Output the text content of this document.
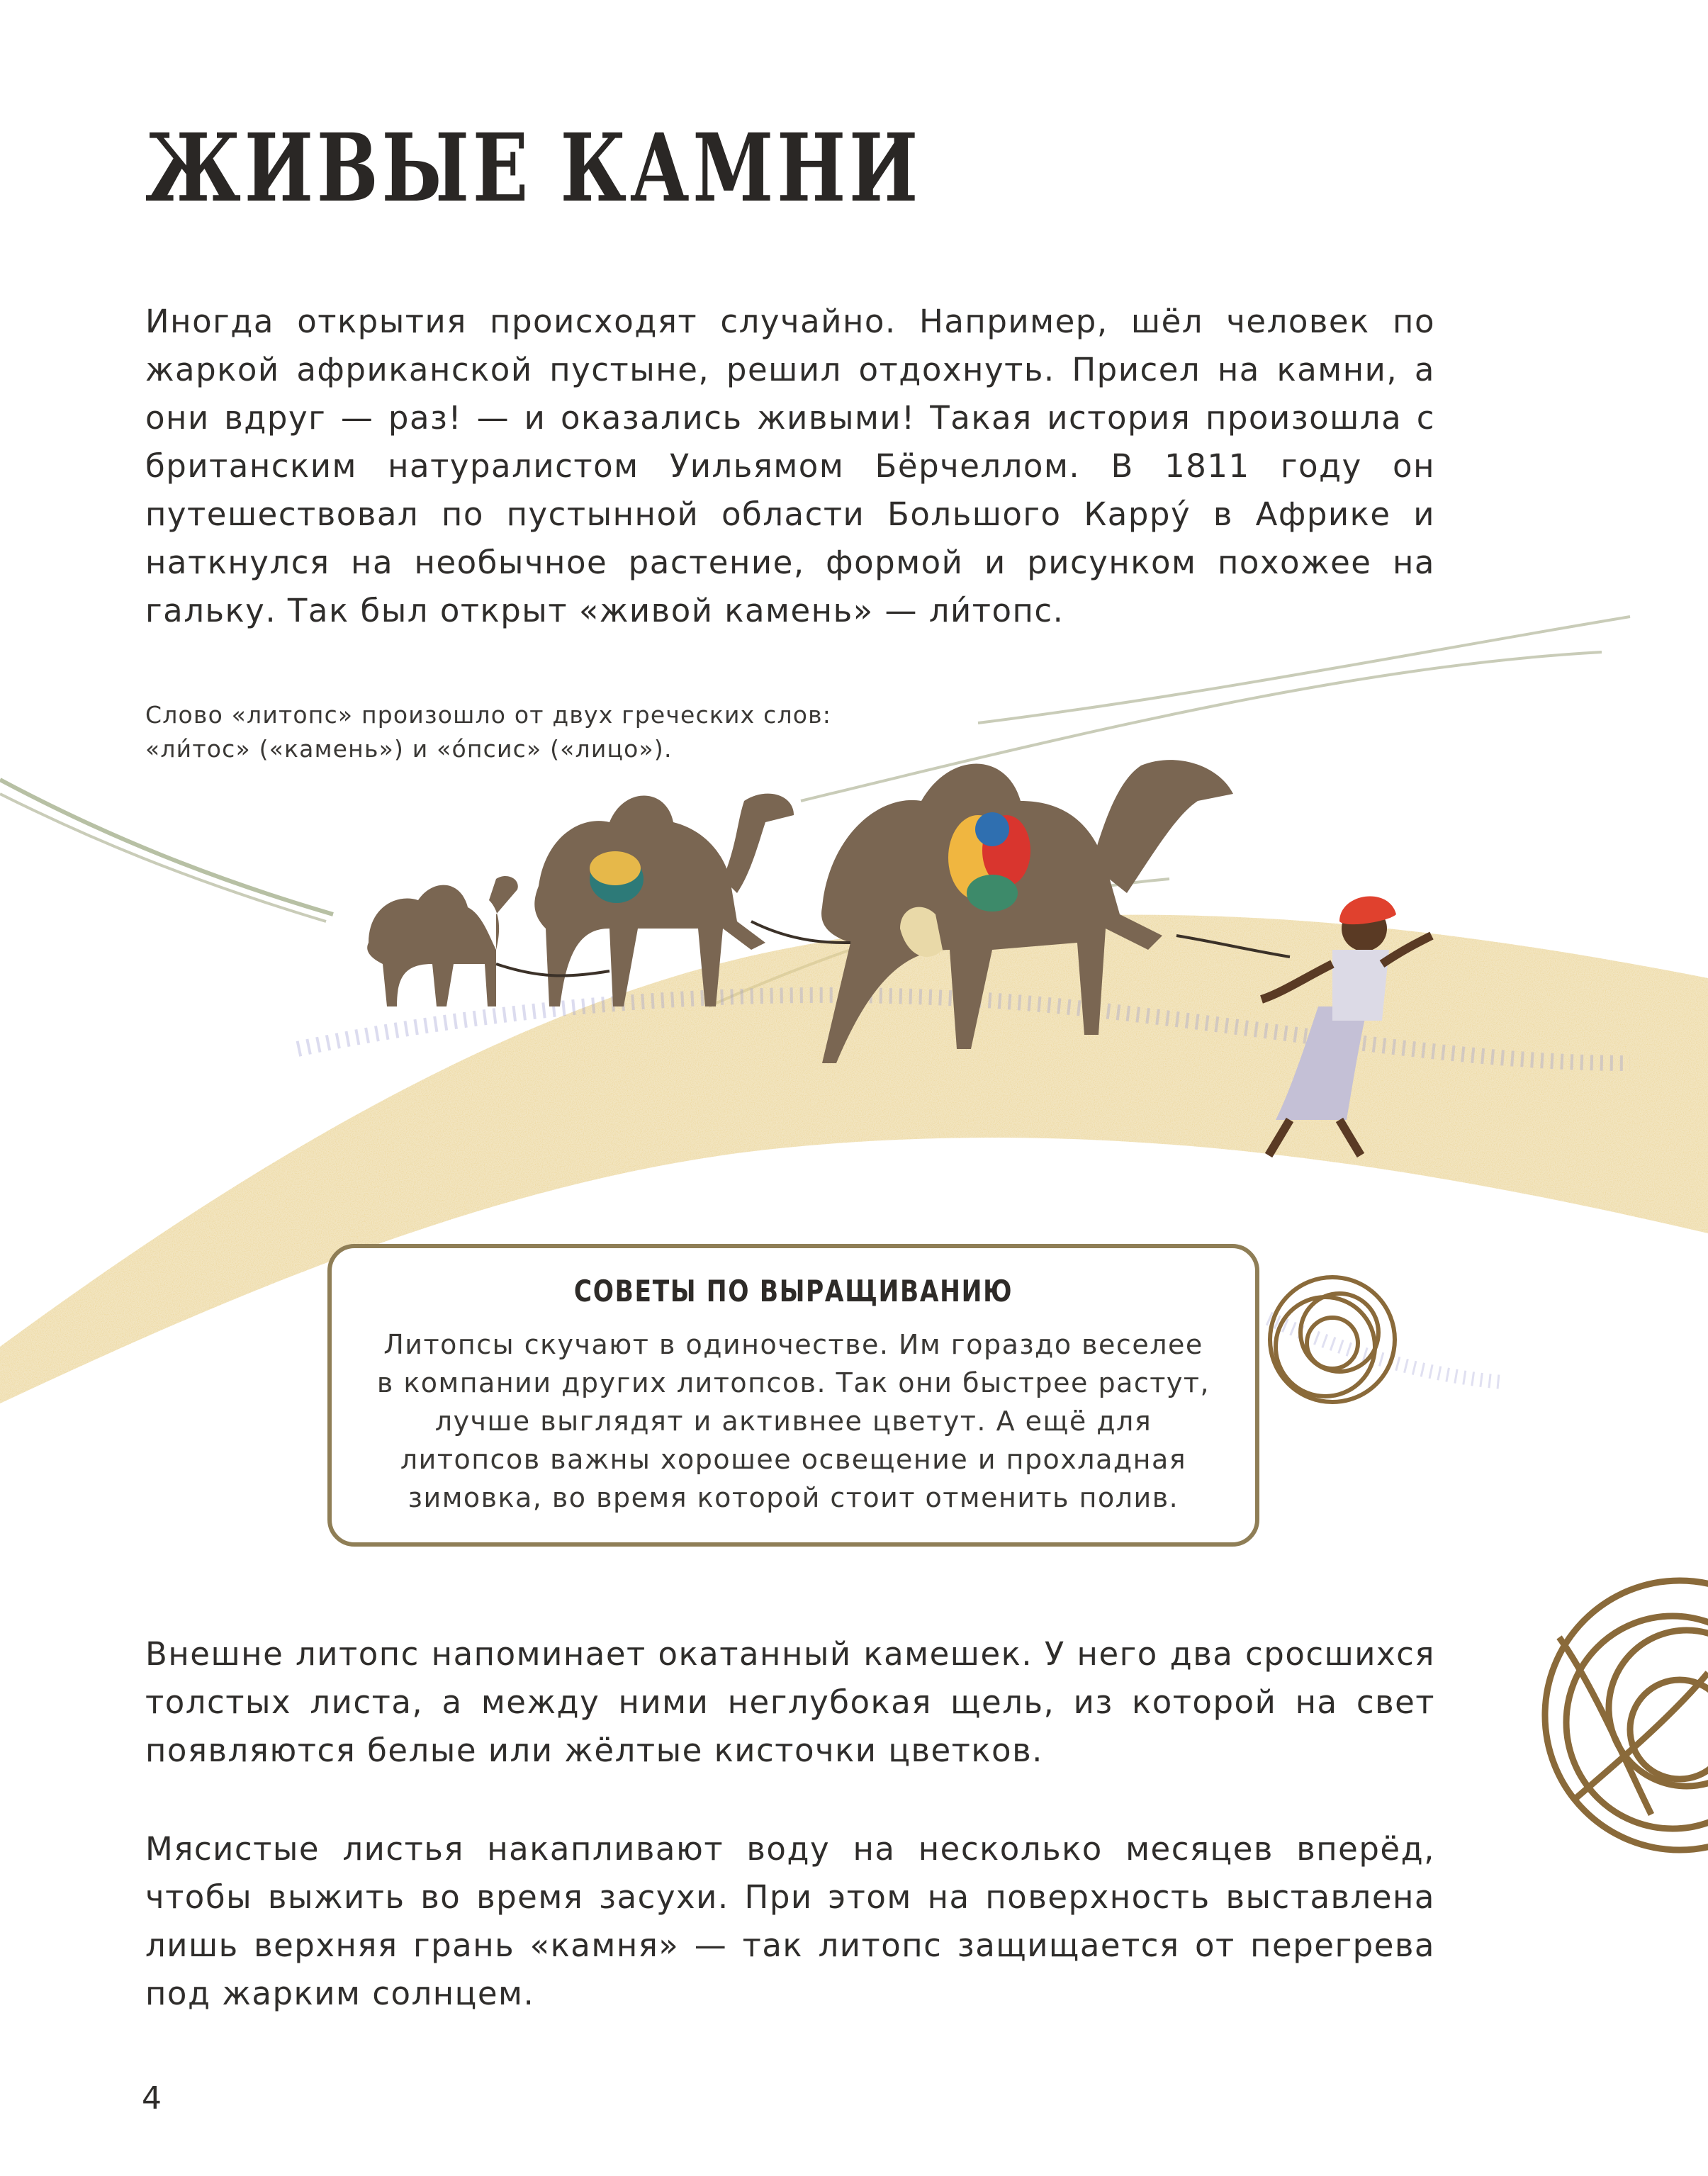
ЖИВЫЕ КАМНИ

Иногда открытия происходят случайно. Например, шёл человек по жаркой африканской пустыне, решил отдохнуть. Присел на камни, а они вдруг — раз! — и оказались живыми! Такая история произошла с британским натуралистом Уильямом Бёрчеллом. В 1811 году он путешествовал по пустынной области Большого Карру́ в Африке и наткнулся на необычное растение, формой и рисунком похожее на гальку. Так был открыт «живой камень» — ли́топс.

Слово «литопс» произошло от двух греческих слов: «ли́тос» («камень») и «о́псис» («лицо»).

СОВЕТЫ ПО ВЫРАЩИВАНИЮ

Литопсы скучают в одиночестве. Им гораздо веселее в компании других литопсов. Так они быстрее растут, лучше выглядят и активнее цветут. А ещё для литопсов важны хорошее освещение и прохладная зимовка, во время которой стоит отменить полив.

Внешне литопс напоминает окатанный камешек. У него два сросшихся толстых листа, а между ними неглубокая щель, из которой на свет появляются белые или жёлтые кисточки цветков.

Мясистые листья накапливают воду на несколько месяцев вперёд, чтобы выжить во время засухи. При этом на поверхность выставлена лишь верхняя грань «камня» — так литопс защищается от перегрева под жарким солнцем.

4
